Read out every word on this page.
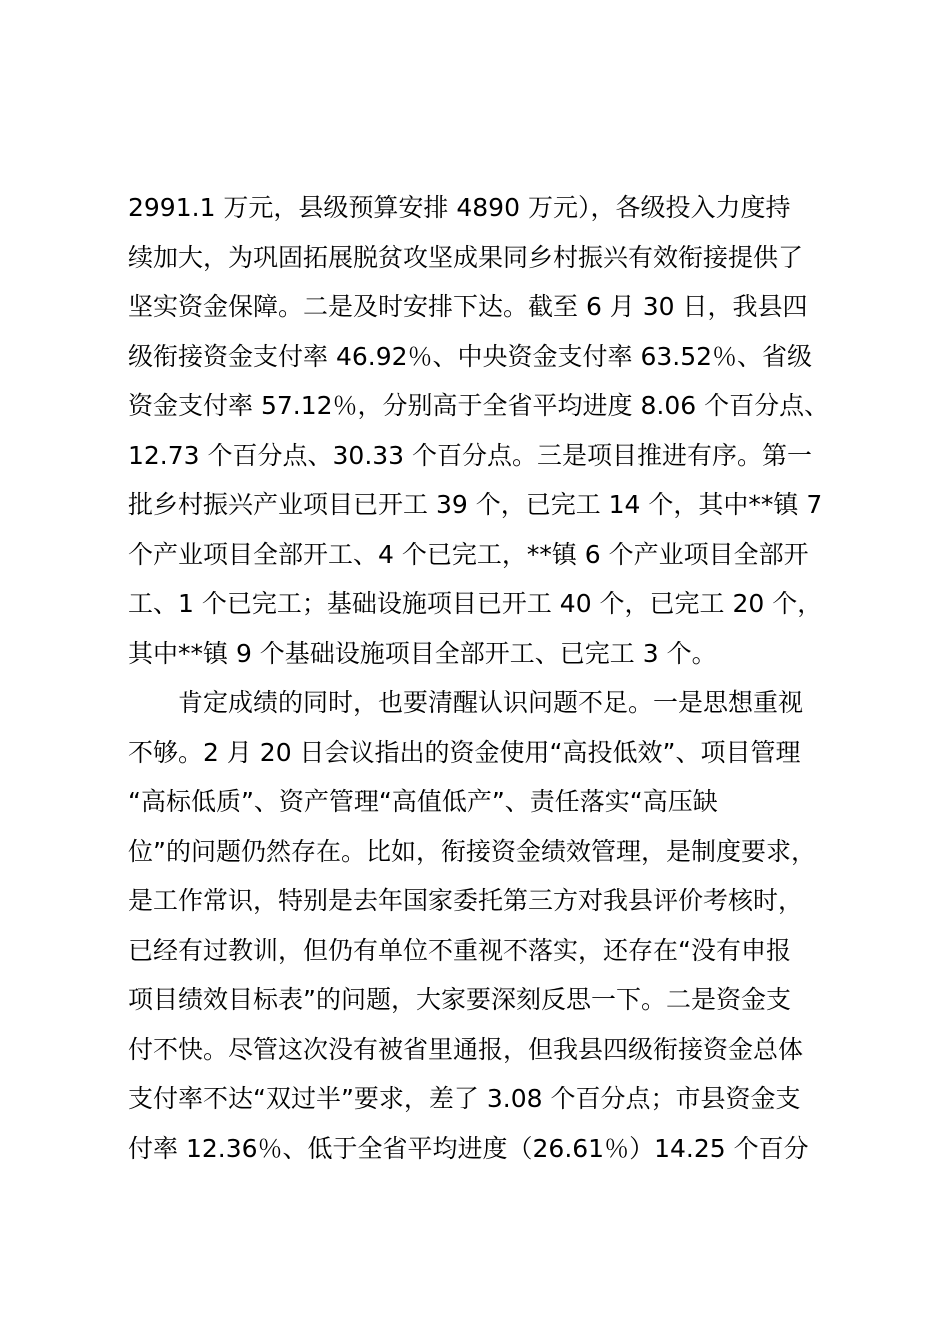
2991.1 万元，县级预算安排 4890 万元），各级投入力度持
续加大，为巩固拓展脱贫攻坚成果同乡村振兴有效衔接提供了
坚实资金保障。二是及时安排下达。截至 6 月 30 日，我县四
级衔接资金支付率 46.92％、中央资金支付率 63.52％、省级
资金支付率 57.12％，分别高于全省平均进度 8.06 个百分点、
12.73 个百分点、30.33 个百分点。三是项目推进有序。第一
批乡村振兴产业项目已开工 39 个，已完工 14 个，其中**镇 7
个产业项目全部开工、4 个已完工，**镇 6 个产业项目全部开
工、1 个已完工；基础设施项目已开工 40 个，已完工 20 个，
其中**镇 9 个基础设施项目全部开工、已完工 3 个。
肯定成绩的同时，也要清醒认识问题不足。一是思想重视
不够。2 月 20 日会议指出的资金使用“高投低效”、项目管理
“高标低质”、资产管理“高值低产”、责任落实“高压缺
位”的问题仍然存在。比如，衔接资金绩效管理，是制度要求，
是工作常识，特别是去年国家委托第三方对我县评价考核时，
已经有过教训，但仍有单位不重视不落实，还存在“没有申报
项目绩效目标表”的问题，大家要深刻反思一下。二是资金支
付不快。尽管这次没有被省里通报，但我县四级衔接资金总体
支付率不达“双过半”要求，差了 3.08 个百分点；市县资金支
付率 12.36％、低于全省平均进度（26.61％）14.25 个百分
